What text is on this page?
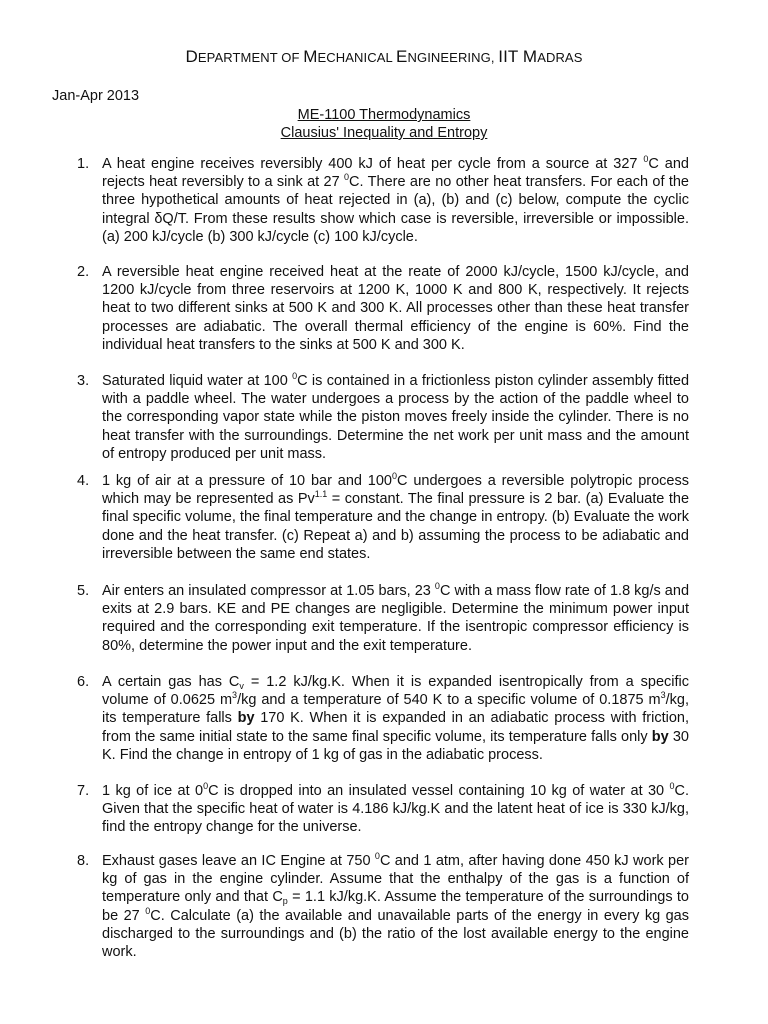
DEPARTMENT OF MECHANICAL ENGINEERING, IIT MADRAS
Jan-Apr 2013
ME-1100 Thermodynamics
Clausius' Inequality and Entropy
1. A heat engine receives reversibly 400 kJ of heat per cycle from a source at 327 $^0$C and rejects heat reversibly to a sink at 27 $^0$C. There are no other heat transfers. For each of the three hypothetical amounts of heat rejected in (a), (b) and (c) below, compute the cyclic integral δQ/T. From these results show which case is reversible, irreversible or impossible. (a) 200 kJ/cycle (b) 300 kJ/cycle (c) 100 kJ/cycle.
2. A reversible heat engine received heat at the reate of 2000 kJ/cycle, 1500 kJ/cycle, and 1200 kJ/cycle from three reservoirs at 1200 K, 1000 K and 800 K, respectively. It rejects heat to two different sinks at 500 K and 300 K. All processes other than these heat transfer processes are adiabatic. The overall thermal efficiency of the engine is 60%. Find the individual heat transfers to the sinks at 500 K and 300 K.
3. Saturated liquid water at 100 $^0$C is contained in a frictionless piston cylinder assembly fitted with a paddle wheel. The water undergoes a process by the action of the paddle wheel to the corresponding vapor state while the piston moves freely inside the cylinder. There is no heat transfer with the surroundings. Determine the net work per unit mass and the amount of entropy produced per unit mass.
4. 1 kg of air at a pressure of 10 bar and $100^0C$ undergoes a reversible polytropic process which may be represented as $Pv^{1.1}$ = constant. The final pressure is 2 bar. (a) Evaluate the final specific volume, the final temperature and the change in entropy. (b) Evaluate the work done and the heat transfer. (c) Repeat a) and b) assuming the process to be adiabatic and irreversible between the same end states.
5. Air enters an insulated compressor at 1.05 bars, 23 $^0$C with a mass flow rate of 1.8 kg/s and exits at 2.9 bars. KE and PE changes are negligible. Determine the minimum power input required and the corresponding exit temperature. If the isentropic compressor efficiency is 80%, determine the power input and the exit temperature.
6. A certain gas has $C_v = 1.2$ kJ/kg.K. When it is expanded isentropically from a specific volume of 0.0625 $m^3/kg$ and a temperature of 540 K to a specific volume of 0.1875 $m^3/kg$, its temperature falls by 170 K. When it is expanded in an adiabatic process with friction, from the same initial state to the same final specific volume, its temperature falls only by 30 K. Find the change in entropy of 1 kg of gas in the adiabatic process.
7. 1 kg of ice at $0^0C$ is dropped into an insulated vessel containing 10 kg of water at 30 $^0$C. Given that the specific heat of water is 4.186 kJ/kg.K and the latent heat of ice is 330 kJ/kg, find the entropy change for the universe.
8. Exhaust gases leave an IC Engine at 750 $^0$C and 1 atm, after having done 450 kJ work per kg of gas in the engine cylinder. Assume that the enthalpy of the gas is a function of temperature only and that $C_p = 1.1$ kJ/kg.K. Assume the temperature of the surroundings to be 27 $^0$C. Calculate (a) the available and unavailable parts of the energy in every kg gas discharged to the surroundings and (b) the ratio of the lost available energy to the engine work.
